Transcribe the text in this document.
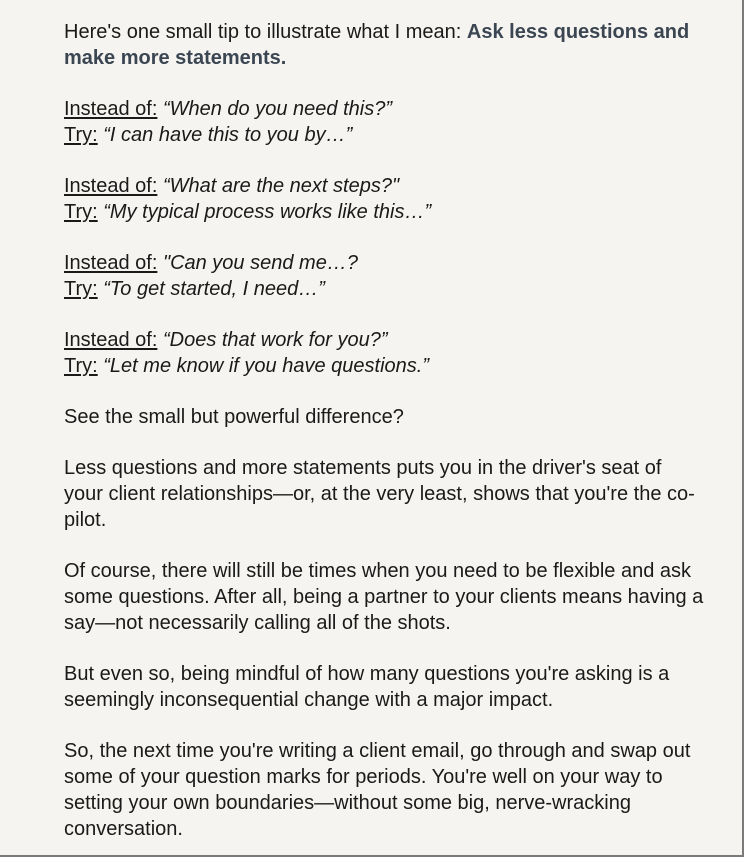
Here's one small tip to illustrate what I mean: Ask less questions and make more statements.

Instead of: “When do you need this?”
Try: “I can have this to you by…”

Instead of: “What are the next steps?"
Try: “My typical process works like this…”

Instead of: "Can you send me…?
Try: “To get started, I need…”

Instead of: “Does that work for you?”
Try: “Let me know if you have questions.”

See the small but powerful difference?

Less questions and more statements puts you in the driver's seat of your client relationships—or, at the very least, shows that you're the co-pilot.

Of course, there will still be times when you need to be flexible and ask some questions. After all, being a partner to your clients means having a say—not necessarily calling all of the shots.

But even so, being mindful of how many questions you're asking is a seemingly inconsequential change with a major impact.

So, the next time you're writing a client email, go through and swap out some of your question marks for periods. You're well on your way to setting your own boundaries—without some big, nerve-wracking conversation.
